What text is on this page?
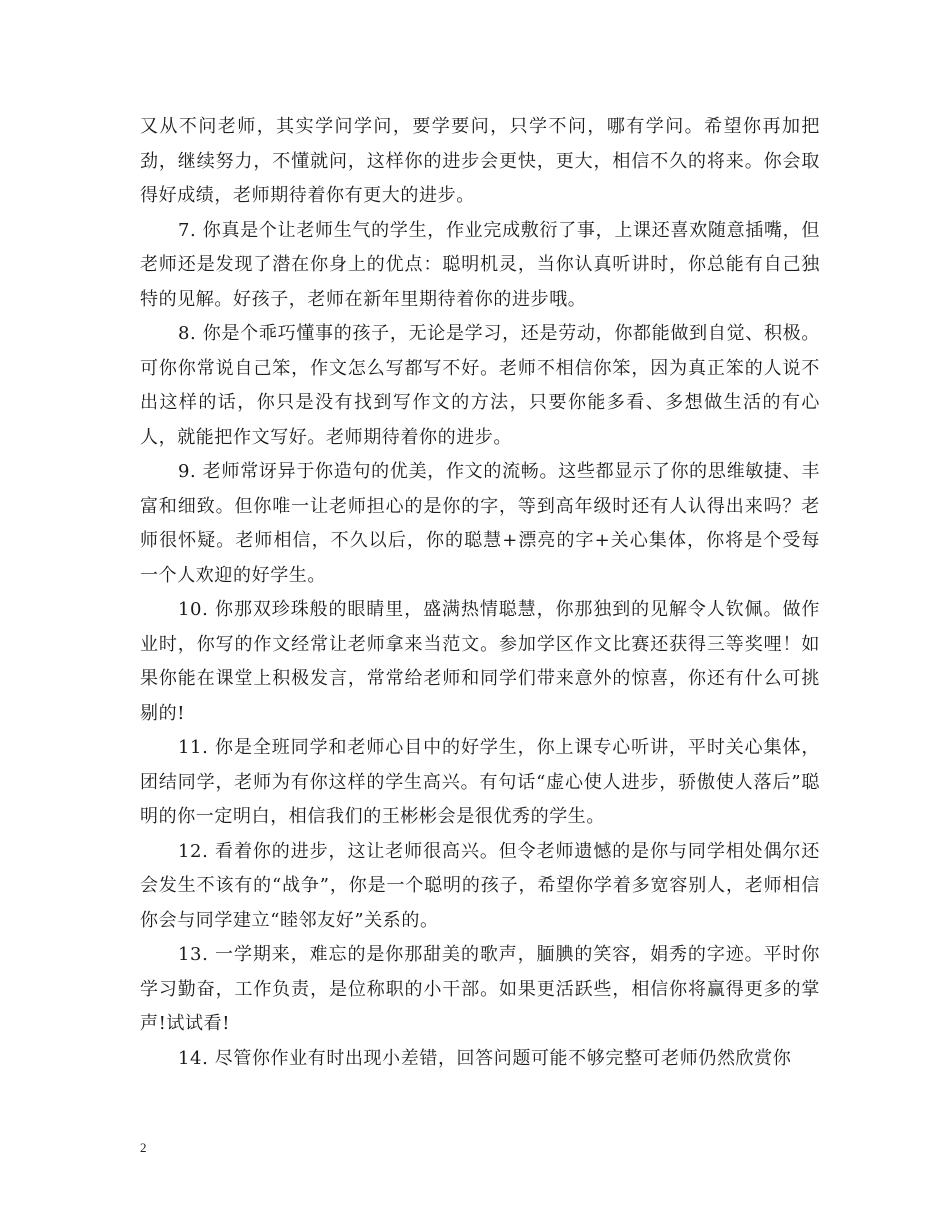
又从不问老师，其实学问学问，要学要问，只学不问，哪有学问。希望你再加把劲，继续努力，不懂就问，这样你的进步会更快，更大，相信不久的将来。你会取得好成绩，老师期待着你有更大的进步。

7. 你真是个让老师生气的学生，作业完成敷衍了事，上课还喜欢随意插嘴，但老师还是发现了潜在你身上的优点：聪明机灵，当你认真听讲时，你总能有自己独特的见解。好孩子，老师在新年里期待着你的进步哦。

8. 你是个乖巧懂事的孩子，无论是学习，还是劳动，你都能做到自觉、积极。可你你常说自己笨，作文怎么写都写不好。老师不相信你笨，因为真正笨的人说不出这样的话，你只是没有找到写作文的方法，只要你能多看、多想做生活的有心人，就能把作文写好。老师期待着你的进步。

9. 老师常讶异于你造句的优美，作文的流畅。这些都显示了你的思维敏捷、丰富和细致。但你唯一让老师担心的是你的字，等到高年级时还有人认得出来吗？老师很怀疑。老师相信，不久以后，你的聪慧+漂亮的字+关心集体，你将是个受每一个人欢迎的好学生。

10. 你那双珍珠般的眼睛里，盛满热情聪慧，你那独到的见解令人钦佩。做作业时，你写的作文经常让老师拿来当范文。参加学区作文比赛还获得三等奖哩！如果你能在课堂上积极发言，常常给老师和同学们带来意外的惊喜，你还有什么可挑剔的!

11. 你是全班同学和老师心目中的好学生，你上课专心听讲，平时关心集体，团结同学，老师为有你这样的学生高兴。有句话“虚心使人进步，骄傲使人落后”聪明的你一定明白，相信我们的王彬彬会是很优秀的学生。

12. 看着你的进步，这让老师很高兴。但令老师遗憾的是你与同学相处偶尔还会发生不该有的“战争”，你是一个聪明的孩子，希望你学着多宽容别人，老师相信你会与同学建立“睦邻友好”关系的。

13. 一学期来，难忘的是你那甜美的歌声，腼腆的笑容，娟秀的字迹。平时你学习勤奋，工作负责，是位称职的小干部。如果更活跃些，相信你将赢得更多的掌声!试试看!

14. 尽管你作业有时出现小差错，回答问题可能不够完整可老师仍然欣赏你

2
